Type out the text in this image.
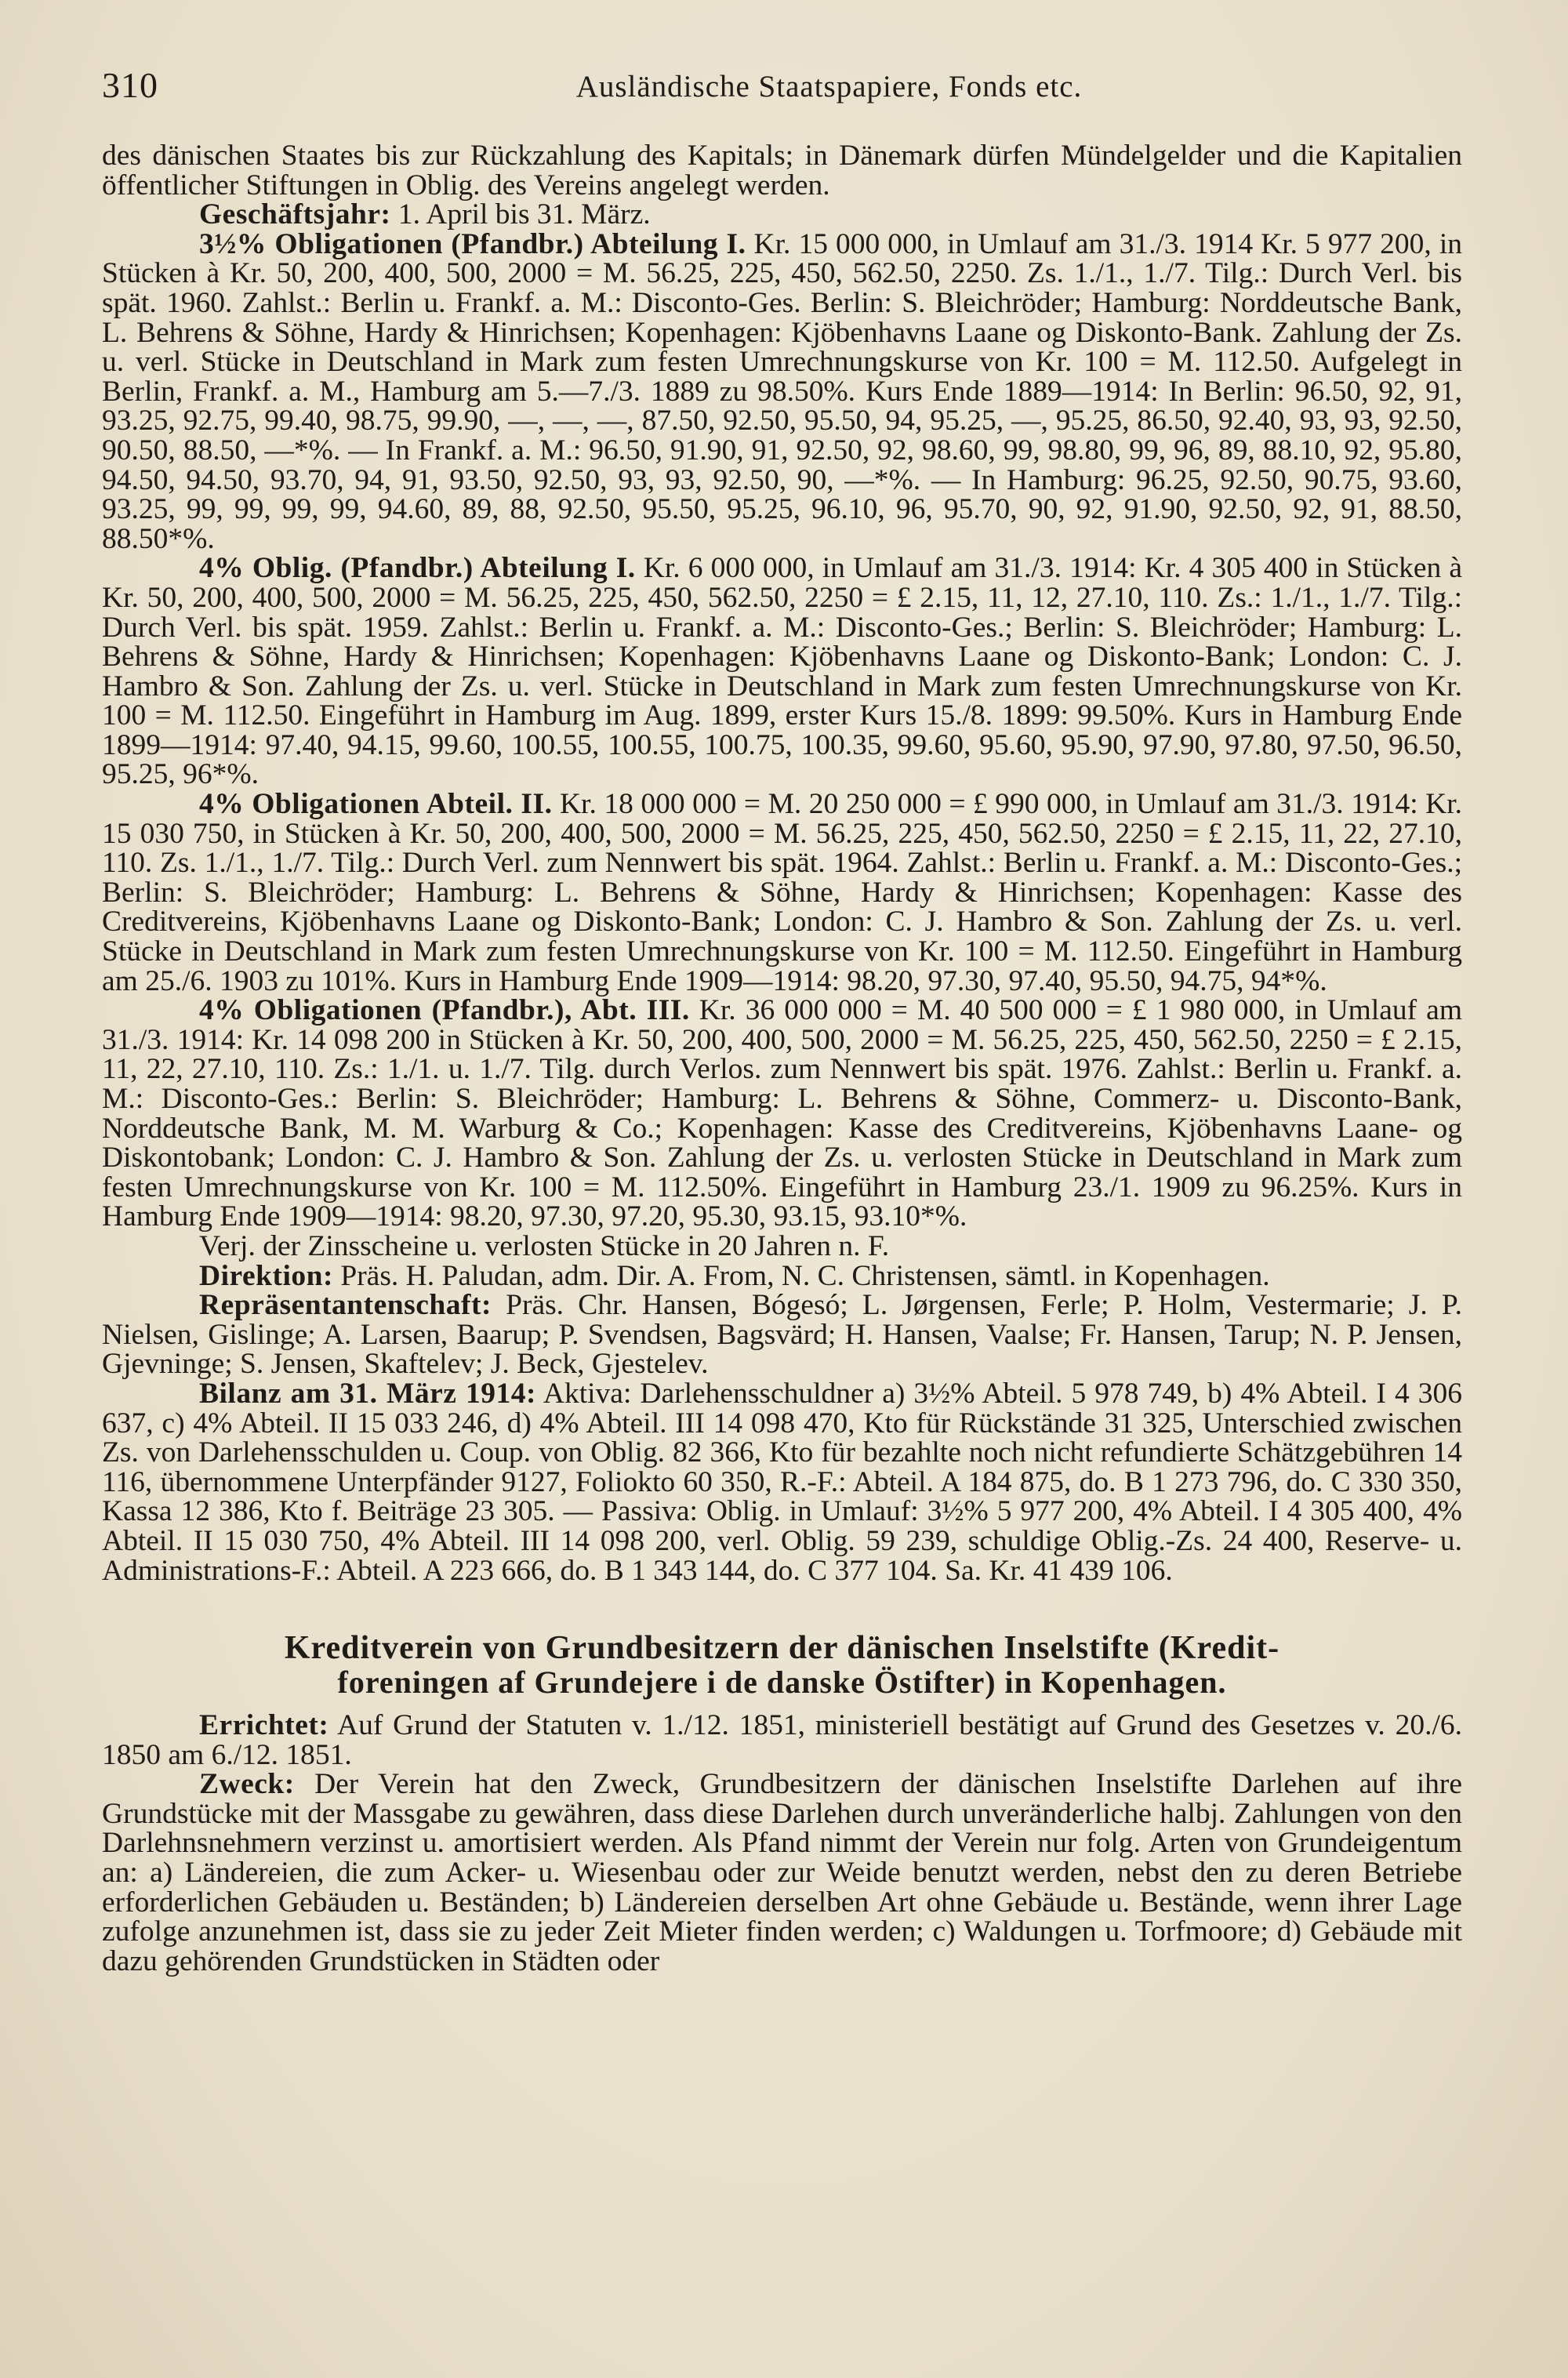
310	Ausländische Staatspapiere, Fonds etc.

des dänischen Staates bis zur Rückzahlung des Kapitals; in Dänemark dürfen Mündelgelder und die Kapitalien öffentlicher Stiftungen in Oblig. des Vereins angelegt werden.

Geschäftsjahr: 1. April bis 31. März.

3½% Obligationen (Pfandbr.) Abteilung I. Kr. 15 000 000, in Umlauf am 31./3. 1914 Kr. 5 977 200, in Stücken à Kr. 50, 200, 400, 500, 2000 = M. 56.25, 225, 450, 562.50, 2250. Zs. 1./1., 1./7. Tilg.: Durch Verl. bis spät. 1960. Zahlst.: Berlin u. Frankf. a. M.: Disconto-Ges. Berlin: S. Bleichröder; Hamburg: Norddeutsche Bank, L. Behrens & Söhne, Hardy & Hinrichsen; Kopenhagen: Kjöbenhavns Laane og Diskonto-Bank. Zahlung der Zs. u. verl. Stücke in Deutschland in Mark zum festen Umrechnungskurse von Kr. 100 = M. 112.50. Aufgelegt in Berlin, Frankf. a. M., Hamburg am 5.—7./3. 1889 zu 98.50%. Kurs Ende 1889—1914: In Berlin: 96.50, 92, 91, 93.25, 92.75, 99.40, 98.75, 99.90, —, —, —, 87.50, 92.50, 95.50, 94, 95.25, —, 95.25, 86.50, 92.40, 93, 93, 92.50, 90.50, 88.50, —*%. — In Frankf. a. M.: 96.50, 91.90, 91, 92.50, 92, 98.60, 99, 98.80, 99, 96, 89, 88.10, 92, 95.80, 94.50, 94.50, 93.70, 94, 91, 93.50, 92.50, 93, 93, 92.50, 90, —*%. — In Hamburg: 96.25, 92.50, 90.75, 93.60, 93.25, 99, 99, 99, 99, 94.60, 89, 88, 92.50, 95.50, 95.25, 96.10, 96, 95.70, 90, 92, 91.90, 92.50, 92, 91, 88.50, 88.50*%.

4% Oblig. (Pfandbr.) Abteilung I. Kr. 6 000 000, in Umlauf am 31./3. 1914: Kr. 4 305 400 in Stücken à Kr. 50, 200, 400, 500, 2000 = M. 56.25, 225, 450, 562.50, 2250 = £ 2.15, 11, 12, 27.10, 110. Zs.: 1./1., 1./7. Tilg.: Durch Verl. bis spät. 1959. Zahlst.: Berlin u. Frankf. a. M.: Disconto-Ges.; Berlin: S. Bleichröder; Hamburg: L. Behrens & Söhne, Hardy & Hinrichsen; Kopenhagen: Kjöbenhavns Laane og Diskonto-Bank; London: C. J. Hambro & Son. Zahlung der Zs. u. verl. Stücke in Deutschland in Mark zum festen Umrechnungskurse von Kr. 100 = M. 112.50. Eingeführt in Hamburg im Aug. 1899, erster Kurs 15./8. 1899: 99.50%. Kurs in Hamburg Ende 1899—1914: 97.40, 94.15, 99.60, 100.55, 100.55, 100.75, 100.35, 99.60, 95.60, 95.90, 97.90, 97.80, 97.50, 96.50, 95.25, 96*%.

4% Obligationen Abteil. II. Kr. 18 000 000 = M. 20 250 000 = £ 990 000, in Umlauf am 31./3. 1914: Kr. 15 030 750, in Stücken à Kr. 50, 200, 400, 500, 2000 = M. 56.25, 225, 450, 562.50, 2250 = £ 2.15, 11, 22, 27.10, 110. Zs. 1./1., 1./7. Tilg.: Durch Verl. zum Nennwert bis spät. 1964. Zahlst.: Berlin u. Frankf. a. M.: Disconto-Ges.; Berlin: S. Bleichröder; Hamburg: L. Behrens & Söhne, Hardy & Hinrichsen; Kopenhagen: Kasse des Creditvereins, Kjöbenhavns Laane og Diskonto-Bank; London: C. J. Hambro & Son. Zahlung der Zs. u. verl. Stücke in Deutschland in Mark zum festen Umrechnungskurse von Kr. 100 = M. 112.50. Eingeführt in Hamburg am 25./6. 1903 zu 101%. Kurs in Hamburg Ende 1909—1914: 98.20, 97.30, 97.40, 95.50, 94.75, 94*%.

4% Obligationen (Pfandbr.), Abt. III. Kr. 36 000 000 = M. 40 500 000 = £ 1 980 000, in Umlauf am 31./3. 1914: Kr. 14 098 200 in Stücken à Kr. 50, 200, 400, 500, 2000 = M. 56.25, 225, 450, 562.50, 2250 = £ 2.15, 11, 22, 27.10, 110. Zs.: 1./1. u. 1./7. Tilg. durch Verlos. zum Nennwert bis spät. 1976. Zahlst.: Berlin u. Frankf. a. M.: Disconto-Ges.: Berlin: S. Bleichröder; Hamburg: L. Behrens & Söhne, Commerz- u. Disconto-Bank, Norddeutsche Bank, M. M. Warburg & Co.; Kopenhagen: Kasse des Creditvereins, Kjöbenhavns Laane- og Diskontobank; London: C. J. Hambro & Son. Zahlung der Zs. u. verlosten Stücke in Deutschland in Mark zum festen Umrechnungskurse von Kr. 100 = M. 112.50%. Eingeführt in Hamburg 23./1. 1909 zu 96.25%. Kurs in Hamburg Ende 1909—1914: 98.20, 97.30, 97.20, 95.30, 93.15, 93.10*%.

Verj. der Zinsscheine u. verlosten Stücke in 20 Jahren n. F.

Direktion: Präs. H. Paludan, adm. Dir. A. From, N. C. Christensen, sämtl. in Kopenhagen.

Repräsentantenschaft: Präs. Chr. Hansen, Bógesó; L. Jørgensen, Ferle; P. Holm, Vestermarie; J. P. Nielsen, Gislinge; A. Larsen, Baarup; P. Svendsen, Bagsvärd; H. Hansen, Vaalse; Fr. Hansen, Tarup; N. P. Jensen, Gjevninge; S. Jensen, Skaftelev; J. Beck, Gjestelev.

Bilanz am 31. März 1914: Aktiva: Darlehensschuldner a) 3½% Abteil. 5 978 749, b) 4% Abteil. I 4 306 637, c) 4% Abteil. II 15 033 246, d) 4% Abteil. III 14 098 470, Kto für Rückstände 31 325, Unterschied zwischen Zs. von Darlehensschulden u. Coup. von Oblig. 82 366, Kto für bezahlte noch nicht refundierte Schätzgebühren 14 116, übernommene Unterpfänder 9127, Foliokto 60 350, R.-F.: Abteil. A 184 875, do. B 1 273 796, do. C 330 350, Kassa 12 386, Kto f. Beiträge 23 305. — Passiva: Oblig. in Umlauf: 3½% 5 977 200, 4% Abteil. I 4 305 400, 4% Abteil. II 15 030 750, 4% Abteil. III 14 098 200, verl. Oblig. 59 239, schuldige Oblig.-Zs. 24 400, Reserve- u. Administrations-F.: Abteil. A 223 666, do. B 1 343 144, do. C 377 104. Sa. Kr. 41 439 106.

Kreditverein von Grundbesitzern der dänischen Inselstifte (Kredit-
foreningen af Grundejere i de danske Östifter) in Kopenhagen.

Errichtet: Auf Grund der Statuten v. 1./12. 1851, ministeriell bestätigt auf Grund des Gesetzes v. 20./6. 1850 am 6./12. 1851.

Zweck: Der Verein hat den Zweck, Grundbesitzern der dänischen Inselstifte Darlehen auf ihre Grundstücke mit der Massgabe zu gewähren, dass diese Darlehen durch unveränderliche halbj. Zahlungen von den Darlehnsnehmern verzinst u. amortisiert werden. Als Pfand nimmt der Verein nur folg. Arten von Grundeigentum an: a) Ländereien, die zum Acker- u. Wiesenbau oder zur Weide benutzt werden, nebst den zu deren Betriebe erforderlichen Gebäuden u. Beständen; b) Ländereien derselben Art ohne Gebäude u. Bestände, wenn ihrer Lage zufolge anzunehmen ist, dass sie zu jeder Zeit Mieter finden werden; c) Waldungen u. Torfmoore; d) Gebäude mit dazu gehörenden Grundstücken in Städten oder
